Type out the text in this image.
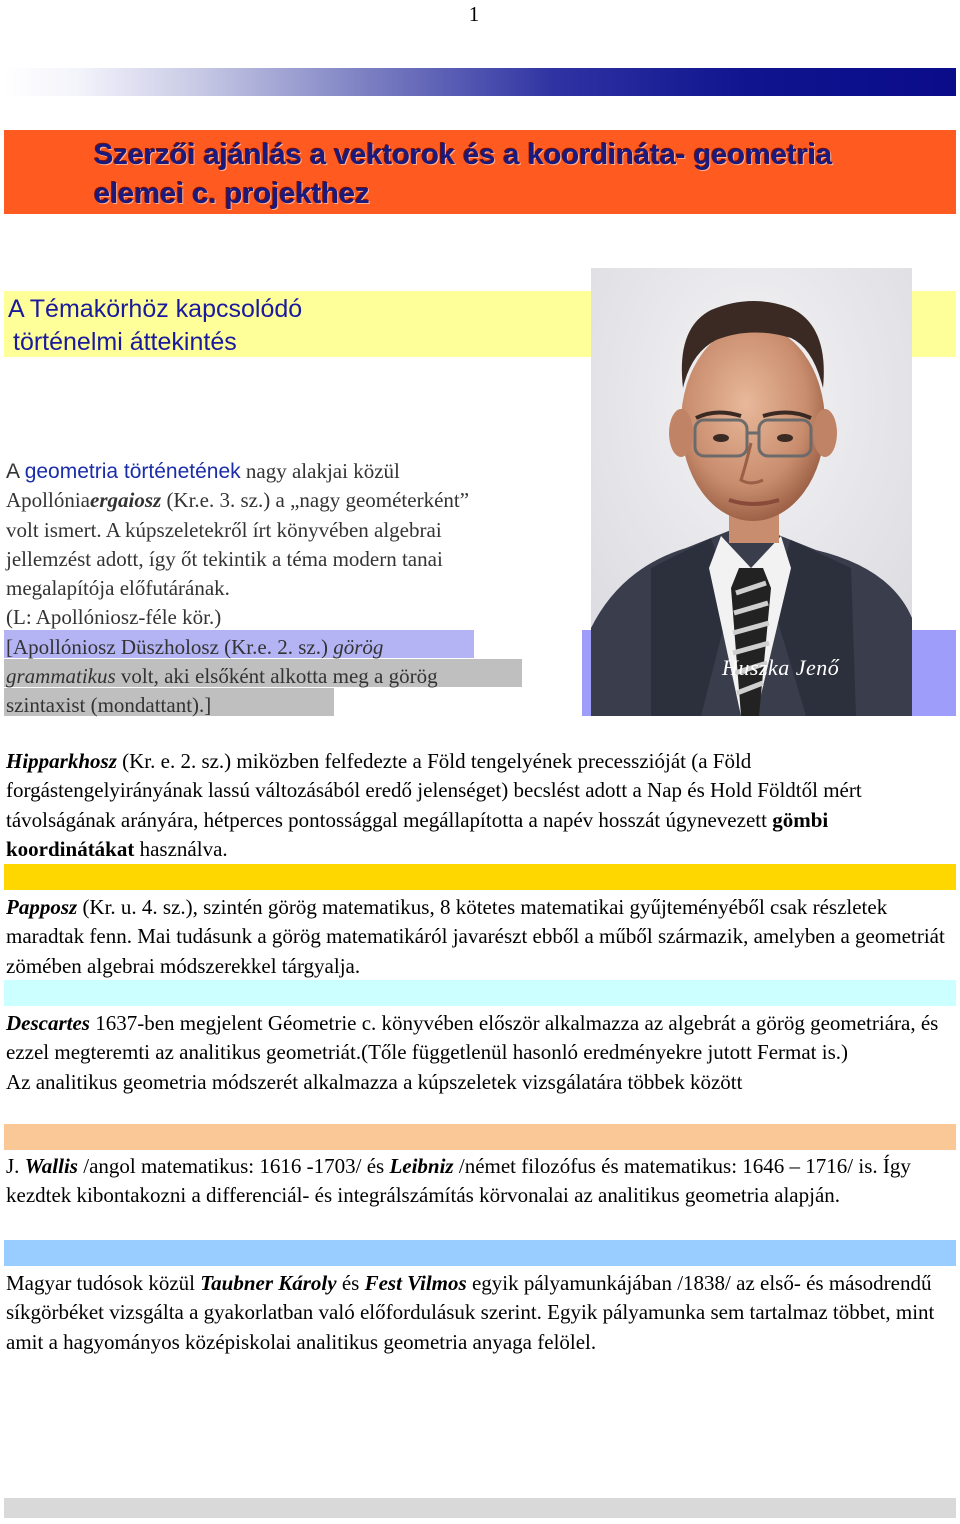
1
Szerzői ajánlás a vektorok és a koordináta- geometria
elemei c. projekthez
A Témakörhöz kapcsolódó
történelmi áttekintés
Huszka Jenő
A geometria történetének nagy alakjai közül
Apollóniaergaiosz (Kr.e. 3. sz.) a „nagy geométerként”
volt ismert. A kúpszeletekről írt könyvében algebrai
jellemzést adott, így őt tekintik a téma modern tanai
megalapítója előfutárának.
(L: Apollóniosz-féle kör.)
[Apollóniosz Düszholosz (Kr.e. 2. sz.) görög
grammatikus volt, aki elsőként alkotta meg a görög
szintaxist (mondattant).]
Hipparkhosz (Kr. e. 2. sz.) miközben felfedezte a Föld tengelyének precesszióját (a Föld forgástengelyirányának lassú változásából eredő jelenséget) becslést adott a Nap és Hold Földtől mért távolságának arányára, hétperces pontossággal megállapította a napév hosszát úgynevezett gömbi koordinátákat használva.
Papposz (Kr. u. 4. sz.), szintén görög matematikus, 8 kötetes matematikai gyűjteményéből csak részletek maradtak fenn. Mai tudásunk a görög matematikáról javarészt ebből a műből származik, amelyben a geometriát zömében algebrai módszerekkel tárgyalja.
Descartes 1637-ben megjelent Géometrie c. könyvében először alkalmazza az algebrát a görög geometriára, és ezzel megteremti az analitikus geometriát.(Tőle függetlenül hasonló eredményekre jutott Fermat is.)
Az analitikus geometria módszerét alkalmazza a kúpszeletek vizsgálatára többek között
J. Wallis /angol matematikus: 1616 -1703/ és Leibniz /német filozófus és matematikus: 1646 – 1716/ is. Így kezdtek kibontakozni a differenciál- és integrálszámítás körvonalai az analitikus geometria alapján.
Magyar tudósok közül Taubner Károly és Fest Vilmos egyik pályamunkájában /1838/ az első- és másodrendű síkgörbéket vizsgálta a gyakorlatban való előfordulásuk szerint. Egyik pályamunka sem tartalmaz többet, mint amit a hagyományos középiskolai analitikus geometria anyaga felölel.
